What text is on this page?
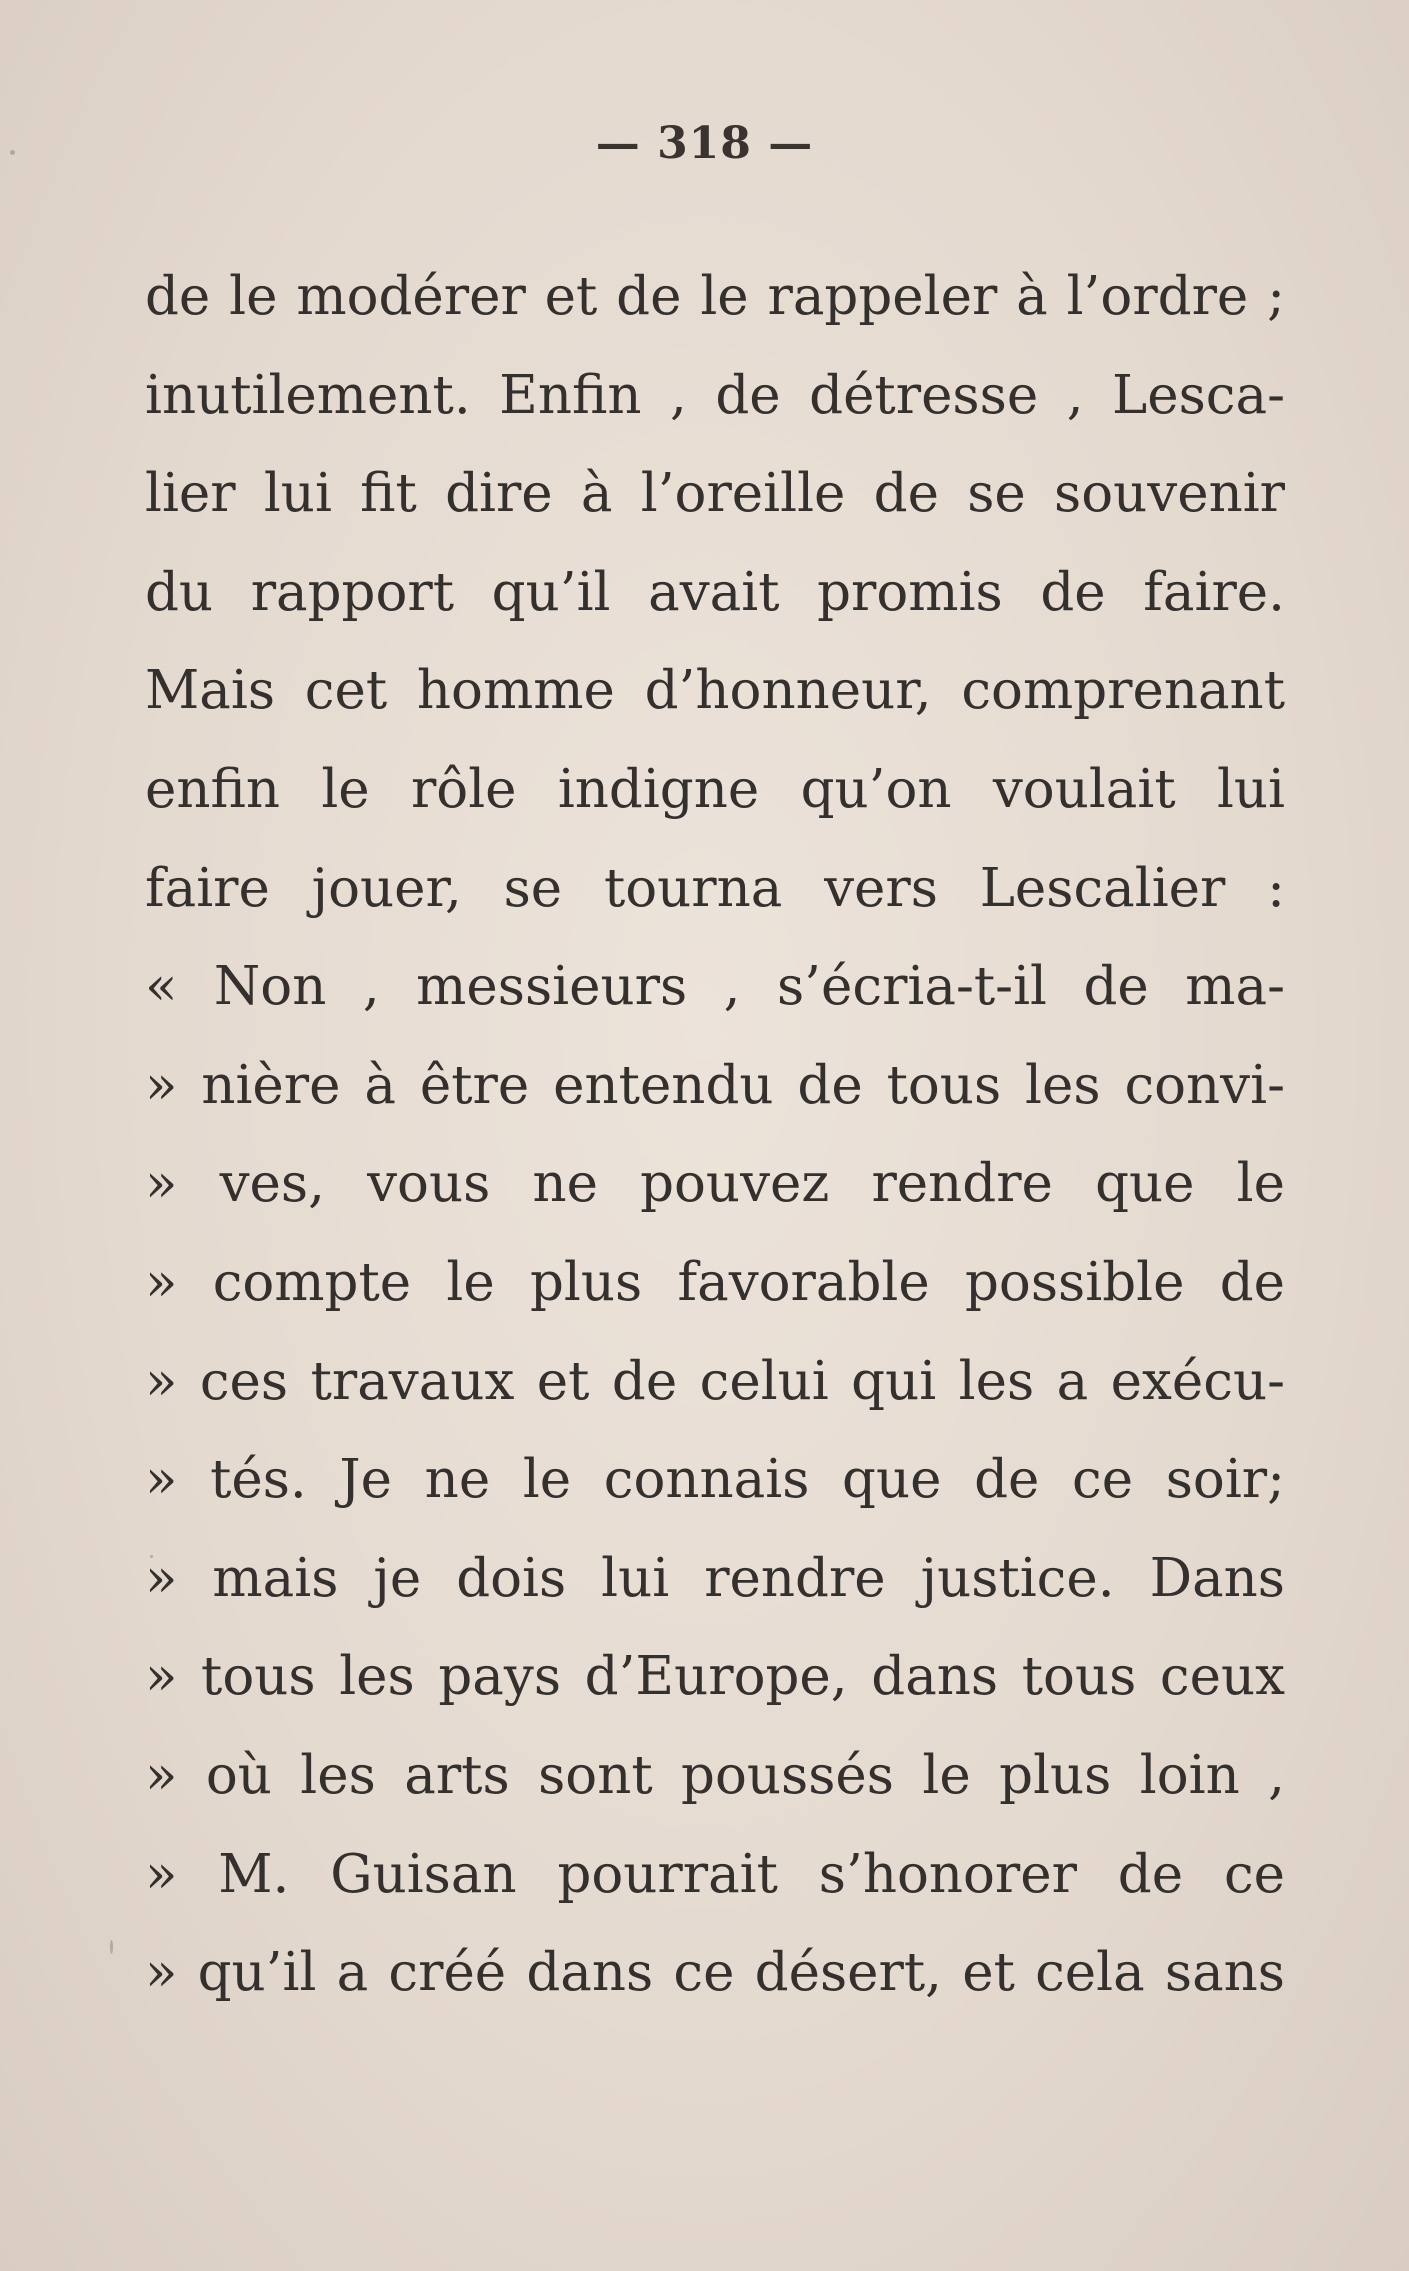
— 318 —
de le modérer et de le rappeler à l’ordre ;
inutilement. Enfin , de détresse , Lesca-
lier lui fit dire à l’oreille de se souvenir
du rapport qu’il avait promis de faire.
Mais cet homme d’honneur, comprenant
enfin le rôle indigne qu’on voulait lui
faire jouer, se tourna vers Lescalier :
« Non , messieurs , s’écria-t-il de ma-
» nière à être entendu de tous les convi-
» ves, vous ne pouvez rendre que le
» compte le plus favorable possible de
» ces travaux et de celui qui les a exécu-
» tés. Je ne le connais que de ce soir;
» mais je dois lui rendre justice. Dans
» tous les pays d’Europe, dans tous ceux
» où les arts sont poussés le plus loin ,
» M. Guisan pourrait s’honorer de ce
» qu’il a créé dans ce désert, et cela sans
